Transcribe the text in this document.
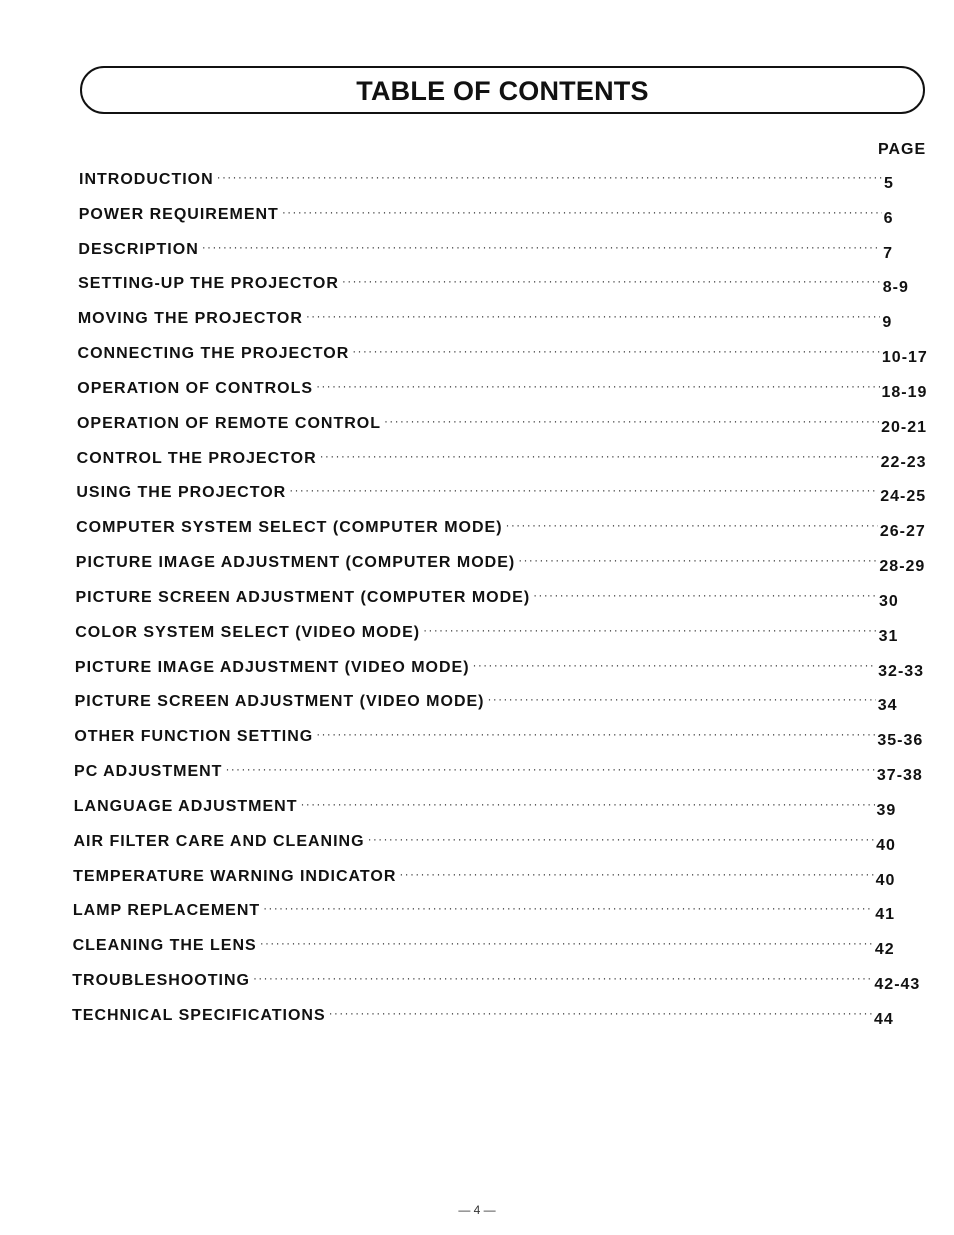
TABLE OF CONTENTS
PAGE
INTRODUCTION ·····	5
POWER REQUIREMENT ·····	6
DESCRIPTION ·····	7
SETTING-UP THE PROJECTOR ·····	8-9
MOVING THE PROJECTOR ·····	9
CONNECTING THE PROJECTOR ·····	10-17
OPERATION OF CONTROLS ·····	18-19
OPERATION OF REMOTE CONTROL ·····	20-21
CONTROL THE PROJECTOR ·····	22-23
USING THE PROJECTOR ·····	24-25
COMPUTER SYSTEM SELECT (COMPUTER MODE) ·····	26-27
PICTURE IMAGE ADJUSTMENT (COMPUTER MODE) ·····	28-29
PICTURE SCREEN ADJUSTMENT (COMPUTER MODE) ·····	30
COLOR SYSTEM SELECT (VIDEO MODE) ·····	31
PICTURE IMAGE ADJUSTMENT (VIDEO MODE) ·····	32-33
PICTURE SCREEN ADJUSTMENT (VIDEO MODE) ·····	34
OTHER FUNCTION SETTING ·····	35-36
PC ADJUSTMENT ·····	37-38
LANGUAGE ADJUSTMENT ·····	39
AIR FILTER CARE AND CLEANING ·····	40
TEMPERATURE WARNING INDICATOR ·····	40
LAMP REPLACEMENT ·····	41
CLEANING THE LENS ·····	42
TROUBLESHOOTING ·····	42-43
TECHNICAL SPECIFICATIONS ·····	44
— 4 —
